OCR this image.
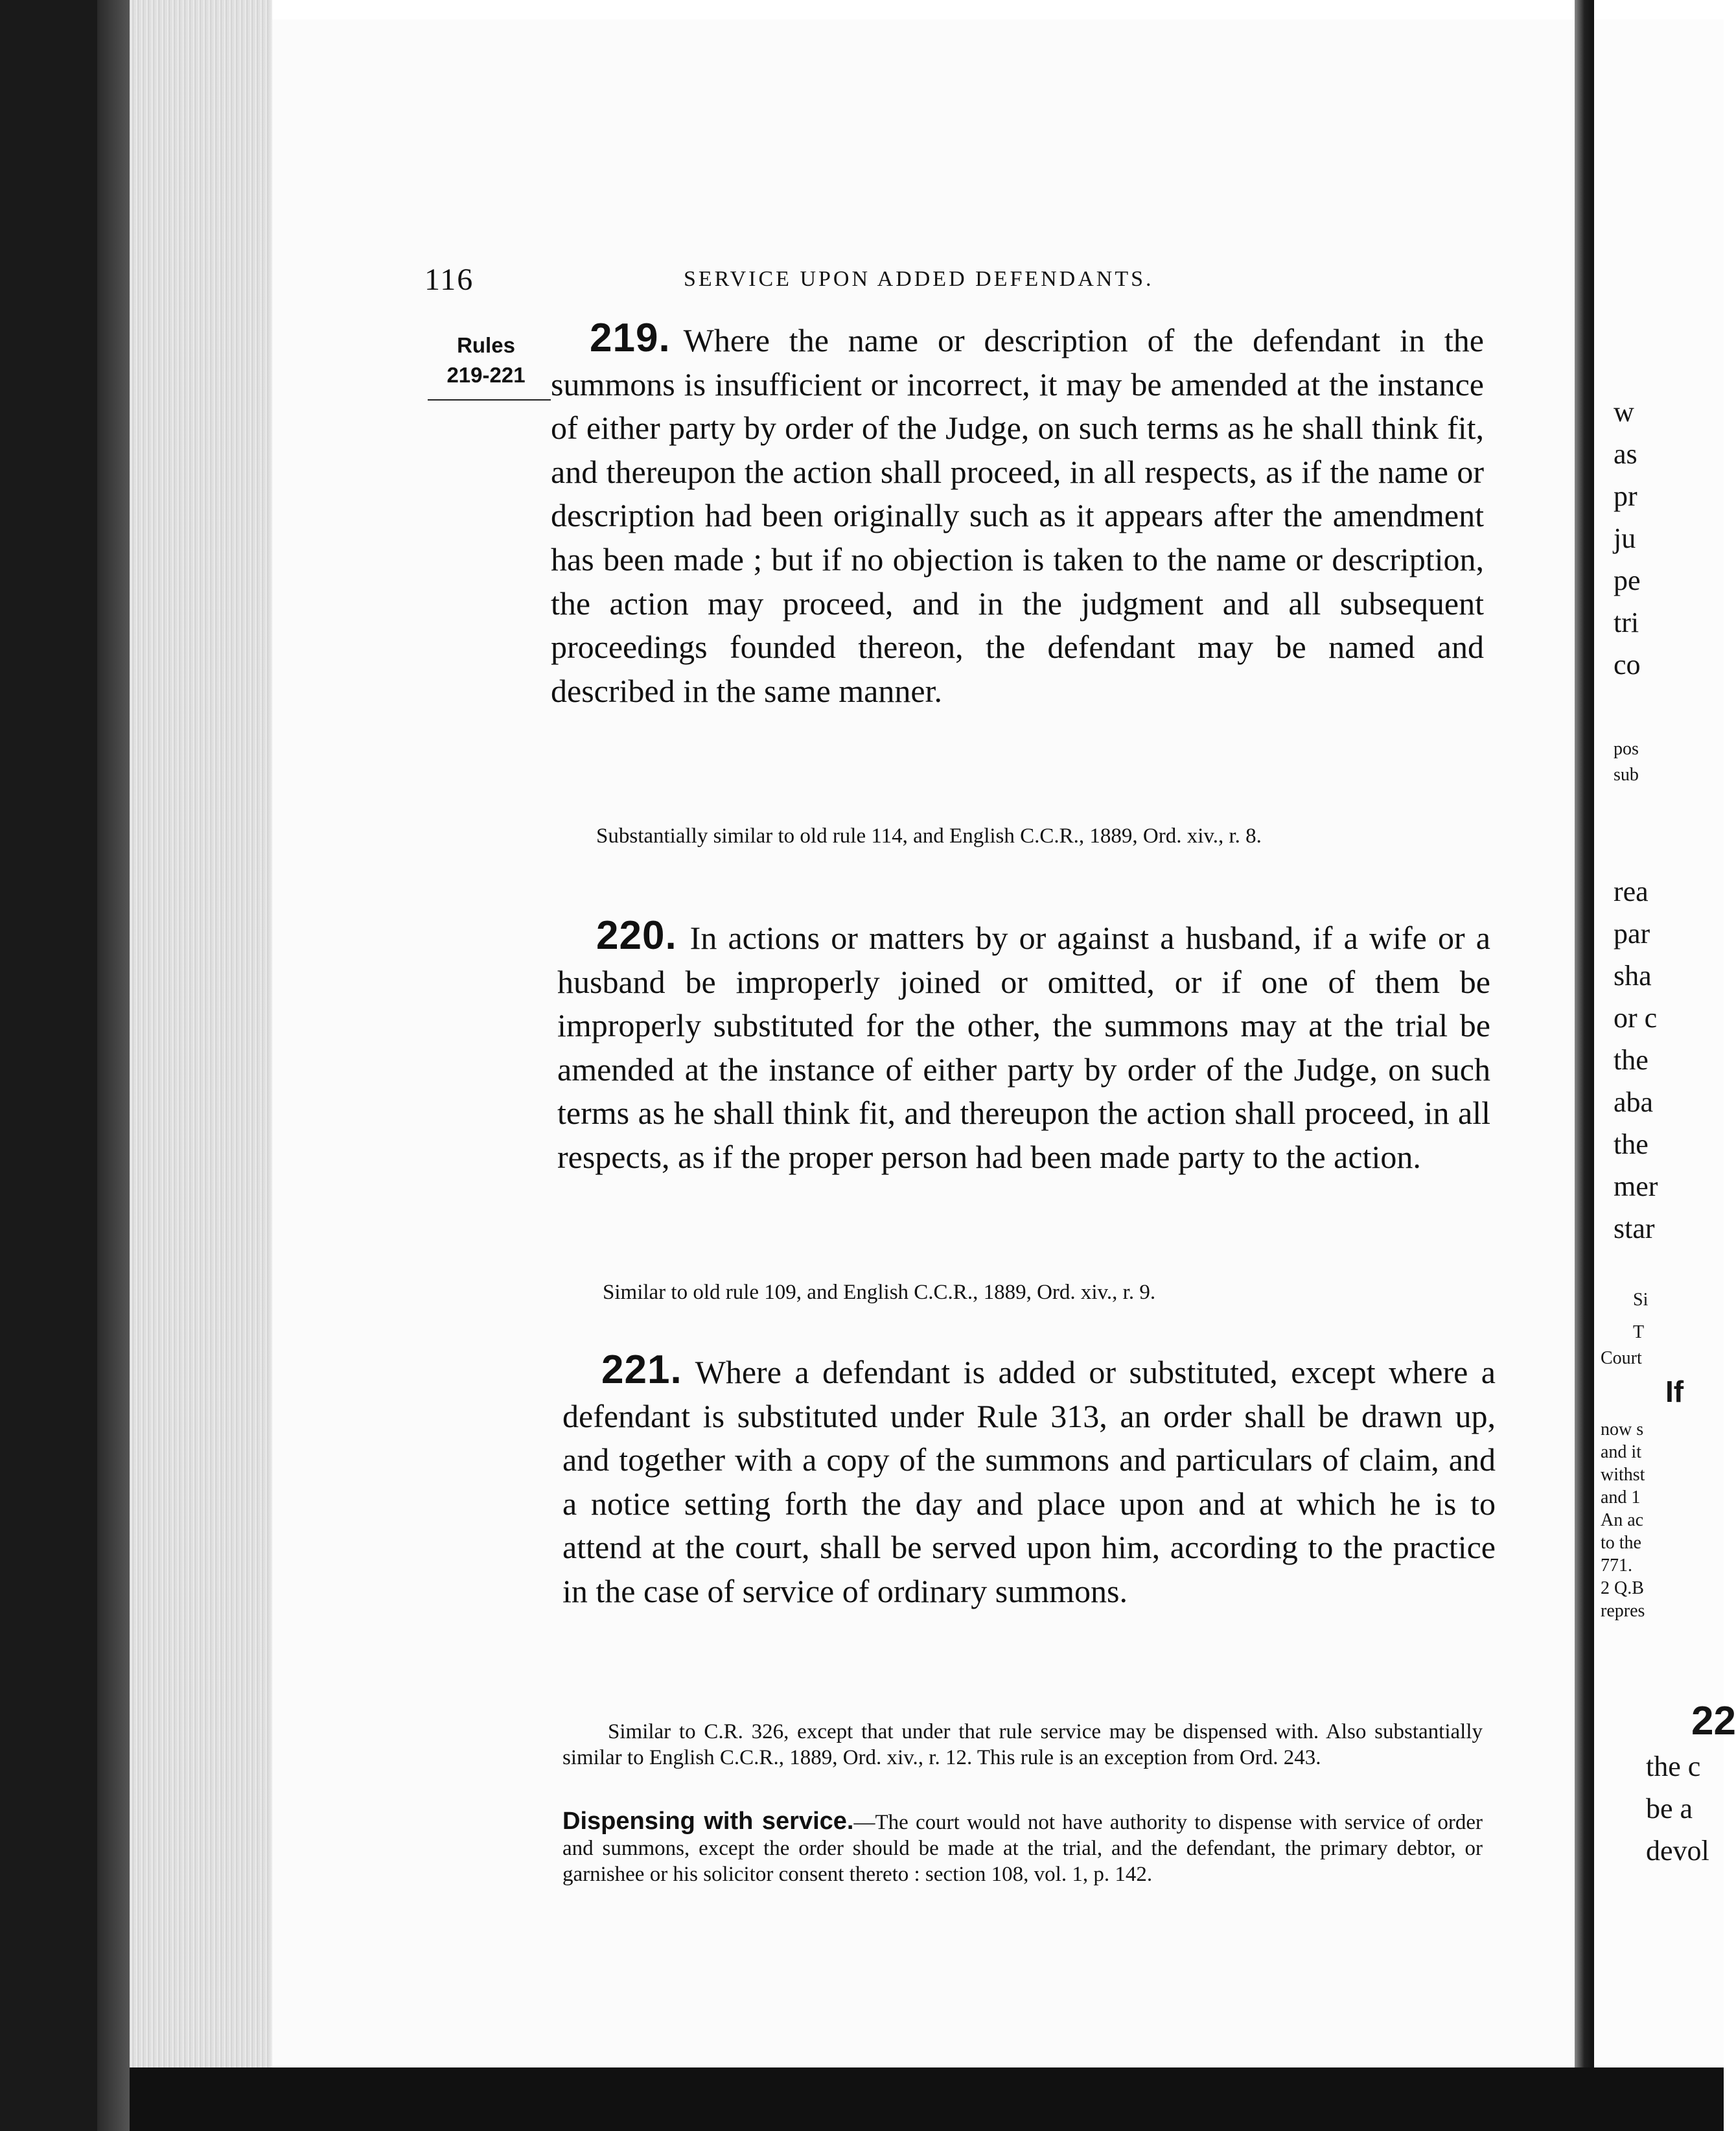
116	SERVICE UPON ADDED DEFENDANTS.
Rules
219-221

219. Where the name or description of the defendant in the summons is insufficient or incorrect, it may be amended at the instance of either party by order of the Judge, on such terms as he shall think fit, and thereupon the action shall proceed, in all respects, as if the name or description had been originally such as it appears after the amendment has been made ; but if no objection is taken to the name or description, the action may proceed, and in the judgment and all subsequent proceedings founded thereon, the defendant may be named and described in the same manner.

Substantially similar to old rule 114, and English C.C.R., 1889, Ord. xiv., r. 8.

220. In actions or matters by or against a husband, if a wife or a husband be improperly joined or omitted, or if one of them be improperly substituted for the other, the summons may at the trial be amended at the instance of either party by order of the Judge, on such terms as he shall think fit, and thereupon the action shall proceed, in all respects, as if the proper person had been made party to the action.

Similar to old rule 109, and English C.C.R., 1889, Ord. xiv., r. 9.

221. Where a defendant is added or substituted, except where a defendant is substituted under Rule 313, an order shall be drawn up, and together with a copy of the summons and particulars of claim, and a notice setting forth the day and place upon and at which he is to attend at the court, shall be served upon him, according to the practice in the case of service of ordinary summons.

Similar to C.R. 326, except that under that rule service may be dispensed with. Also substantially similar to English C.C.R., 1889, Ord. xiv., r. 12. This rule is an exception from Ord. 243.

Dispensing with service.—The court would not have authority to dispense with service of order and summons, except the order should be made at the trial, and the defendant, the primary debtor, or garnishee or his solicitor consent thereto : section 108, vol. 1, p. 142.

w
as
pr
ju
pe
tri
co
pos
sub
rea
par
sha
or c
the
aba
the
mer
star
Si
T
Court
If
now s
and it
withst
and 1
An ac
to the
771.
2 Q.B
repres
22
the c
be a
devol
